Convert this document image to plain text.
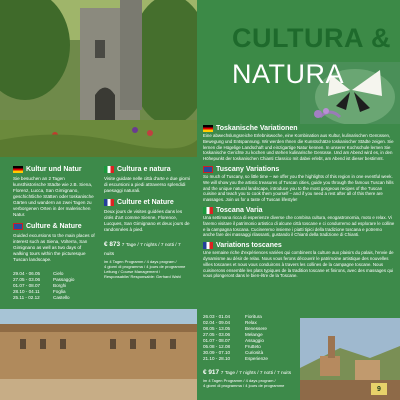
CULTURA &
NATURA
Kultur und Natur
Sie besuchen an 2 Tagen kunsthistorische Städte wie z.B. Siena, Florenz, Lucca, San Gimignano, geschichtliche Stätten oder toskanische Gärten und wandern an zwei Tagen zu verborgenen Orten in der malerischen Natur.
Culture & Nature
Guided excursions to the main places of interest such as Siena, Volterra, San Gimignano as well as two days of walking tours within the picturesque Tuscan landscape.
29.04 - 06.05	Cielo
27.05 - 03.06	Passaggio
01.07 - 08.07	Borghi
28.10 - 04.11	Foglia
25.11 - 02.12	Castello
Cultura e natura
Visite guidate nelle città d'arte e due giorni di escursioni a piedi attraverso splendidi paesaggi naturali.
Culture et Nature
Deux jours de visites guidées dans les cités d'art comme Sienne, Florence, Lucques, San Gimignano et deux jours de randonnées à pied.
€ 873 7 Tage / 7 nights / 7 notti / 7 nuits
im 4 Tagen Programm / 4 days program /
4 giorni di programma / 4 jours de programme
Leitung / Course Management /
Responsabile/ Responsable: Gerhard Wahl
Toskanische Variationen
Eine abwechslungsreiche Erlebniswoche, eine Kombination aus Kultur, kulinarischen Genüssen, Bewegung und Entspannung. Wir werden Ihnen die Kunstschätze toskanischer Städte zeigen. Sie lernen die Hügelige Landschaft und einzigartige Natur kennen. In unserer Kochschule lernen Sie toskanische Gerichte zu kochen und stehen kulinarische Genüsse. Und am Abend wird es, in den Höhepunkt der toskanischen Chianti Classico mit dabei erlebt, am Abend ist dieser bestimmt.
Tuscany Variations
So much of Tuscany, so little time – we offer you the highlights of this region in one eventful week. We will show you the artistic treasures of Tuscan cities, guide you through the famous Tuscan hills and the unique natural landscape, introduce you to the most gorgeous recipes of the Tuscan cuisine and teach you to cook them yourself – and if you need a rest after all of this there are massages. Join us for a taste of Tuscan lifestyle!
Toscana Varia
Una settimana ricca di esperienze diverse che combina cultura, enogastronomia, moto e relax. Vi faremo visitare il patrimonio artistico di alcune città toscane e ci condurremo ad esplorare le colline e la campagna toscana. Cucineremo insieme i piatti tipici della tradizione toscana e potremo anche fare dei massaggi rilassanti, gustando il Chianti della tradizione di Chianti.
Variations toscanes
Une semaine riche d'expériences variées qui combinent la culture aux plaisirs du palais, l'envie de dynamisme au désir de relax. Nous vous ferons découvrir le patrimoine artistique des nouvelles villes toscanes et nous vous conduirons à travers les collines de la campagne toscane. Nous cuisinerons ensemble les plats typiques de la tradition toscane et finirons, avec des massages qui vous plongeront dans le bien-être de la Toscane.
26.03 - 01.04	Fioritura
02.04 - 09.04	Relax
08.05 - 13.05	Benessere
27.05 - 03.06	Melange
01.07 - 08.07	Assaggio
05.08 - 12.08	Frutteto
30.09 - 07.10	Curiosità
21.10 - 28.10	Esperienze
€ 917 7 Tage / 7 nights / 7 notti / 7 nuits
im 4 Tagen Programm / 4 days program /
4 giorni di programma / 4 jours de programme	9
